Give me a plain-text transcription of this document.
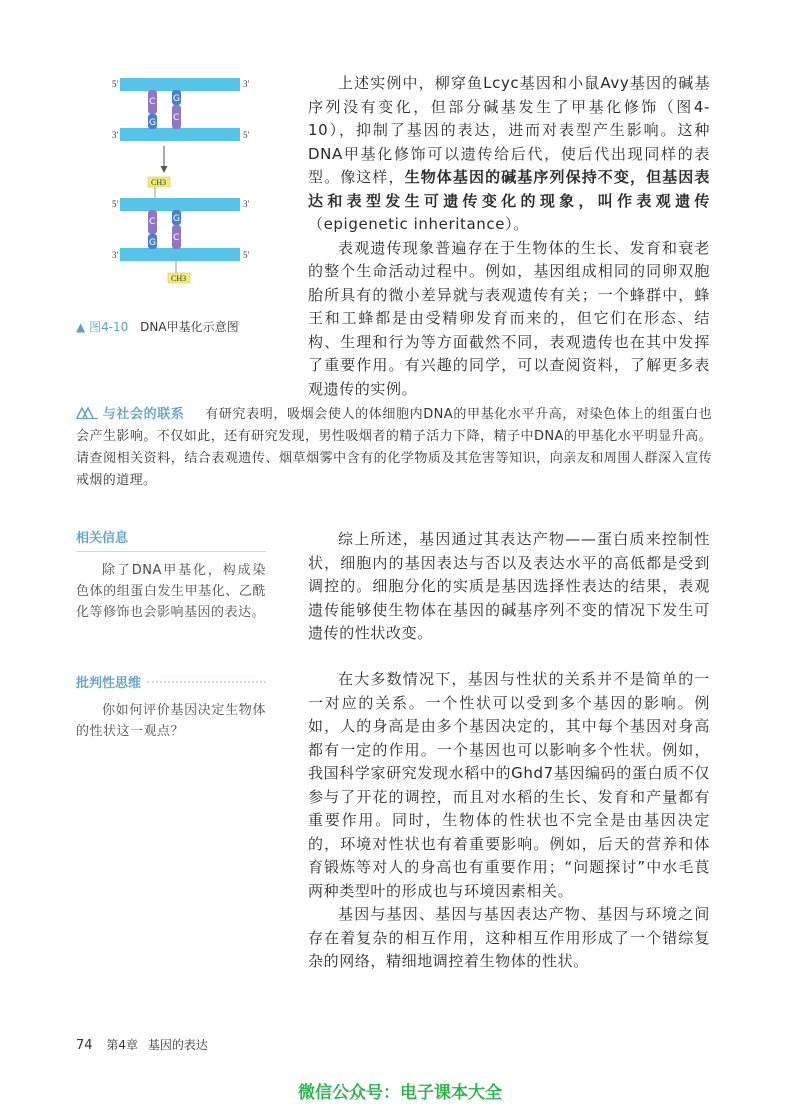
5'	3'
3'	5'
C
G
G
C
CH3
5'	3'
3'	5'
C
G
G
C
CH3
▲ 图4-10 DNA甲基化示意图

上述实例中，柳穿鱼Lcyc基因和小鼠Avy基因的碱基序列没有变化，但部分碱基发生了甲基化修饰（图4-10），抑制了基因的表达，进而对表型产生影响。这种DNA甲基化修饰可以遗传给后代，使后代出现同样的表型。像这样，生物体基因的碱基序列保持不变，但基因表达和表型发生可遗传变化的现象，叫作表观遗传（epigenetic inheritance）。

表观遗传现象普遍存在于生物体的生长、发育和衰老的整个生命活动过程中。例如，基因组成相同的同卵双胞胎所具有的微小差异就与表观遗传有关；一个蜂群中，蜂王和工蜂都是由受精卵发育而来的，但它们在形态、结构、生理和行为等方面截然不同，表观遗传也在其中发挥了重要作用。有兴趣的同学，可以查阅资料，了解更多表观遗传的实例。

与社会的联系 有研究表明，吸烟会使人的体细胞内DNA的甲基化水平升高，对染色体上的组蛋白也会产生影响。不仅如此，还有研究发现，男性吸烟者的精子活力下降，精子中DNA的甲基化水平明显升高。请查阅相关资料，结合表观遗传、烟草烟雾中含有的化学物质及其危害等知识，向亲友和周围人群深入宣传戒烟的道理。
相关信息

除了DNA甲基化，构成染色体的组蛋白发生甲基化、乙酰化等修饰也会影响基因的表达。

批判性思维

你如何评价基因决定生物体的性状这一观点？

综上所述，基因通过其表达产物——蛋白质来控制性状，细胞内的基因表达与否以及表达水平的高低都是受到调控的。细胞分化的实质是基因选择性表达的结果，表观遗传能够使生物体在基因的碱基序列不变的情况下发生可遗传的性状改变。

在大多数情况下，基因与性状的关系并不是简单的一一对应的关系。一个性状可以受到多个基因的影响。例如，人的身高是由多个基因决定的，其中每个基因对身高都有一定的作用。一个基因也可以影响多个性状。例如，我国科学家研究发现水稻中的Ghd7基因编码的蛋白质不仅参与了开花的调控，而且对水稻的生长、发育和产量都有重要作用。同时，生物体的性状也不完全是由基因决定的，环境对性状也有着重要影响。例如，后天的营养和体育锻炼等对人的身高也有重要作用；“问题探讨”中水毛茛两种类型叶的形成也与环境因素相关。

基因与基因、基因与基因表达产物、基因与环境之间存在着复杂的相互作用，这种相互作用形成了一个错综复杂的网络，精细地调控着生物体的性状。

74 第4章 基因的表达
微信公众号：电子课本大全
